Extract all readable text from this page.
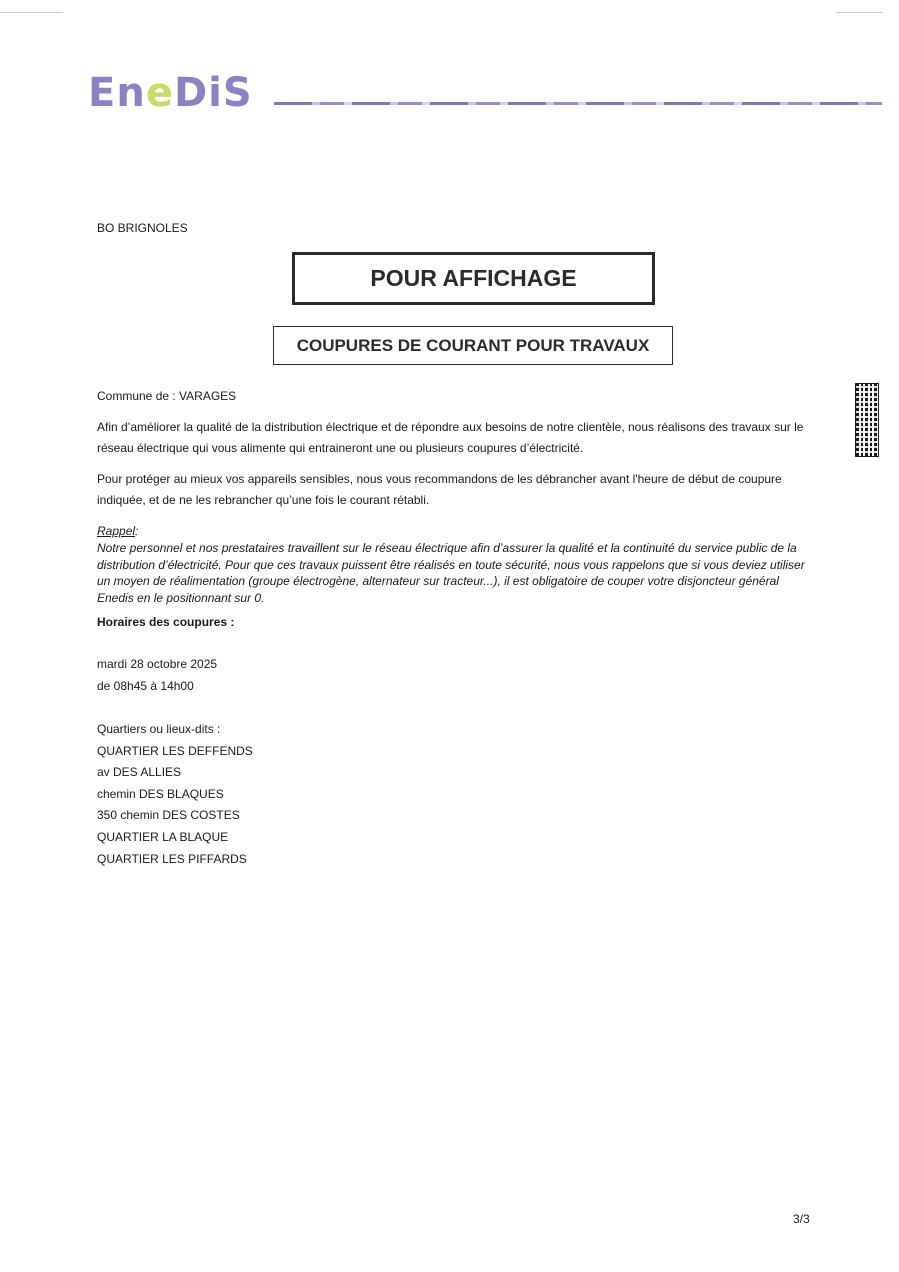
EneDiS
BO BRIGNOLES
POUR AFFICHAGE
COUPURES DE COURANT POUR TRAVAUX
Commune de : VARAGES
Afin d’améliorer la qualité de la distribution électrique et de répondre aux besoins de notre clientèle, nous réalisons des travaux sur le réseau électrique qui vous alimente qui entraineront une ou plusieurs coupures d’électricité.
Pour protéger au mieux vos appareils sensibles, nous vous recommandons de les débrancher avant l'heure de début de coupure indiquée, et de ne les rebrancher qu’une fois le courant rétabli.
Rappel:
Notre personnel et nos prestataires travaillent sur le réseau électrique afin d’assurer la qualité et la continuité du service public de la distribution d’électricité. Pour que ces travaux puissent être réalisés en toute sécurité, nous vous rappelons que si vous deviez utiliser un moyen de réalimentation (groupe électrogène, alternateur sur tracteur...), il est obligatoire de couper votre disjoncteur général Enedis en le positionnant sur 0.
Horaires des coupures :
mardi 28 octobre 2025
de 08h45 à 14h00
Quartiers ou lieux-dits :
QUARTIER LES DEFFENDS
av DES ALLIES
chemin DES BLAQUES
350 chemin DES COSTES
QUARTIER LA BLAQUE
QUARTIER LES PIFFARDS
3/3
